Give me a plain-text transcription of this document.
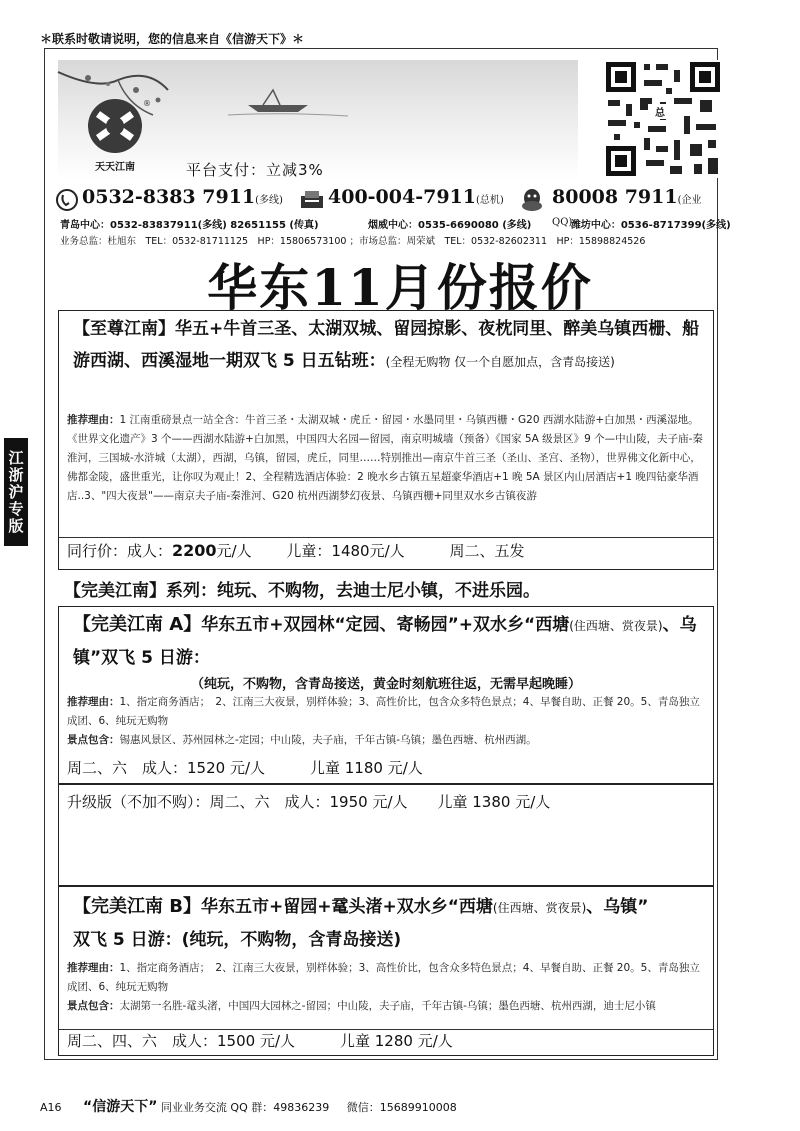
＊联系时敬请说明，您的信息来自《信游天下》＊
江浙沪专版
®
天天江南	平台支付：立减3%
总
0532-8383 7911(多线) 400-004-7911(总机)	80008 7911(企业QQ)
青岛中心：0532-83837911(多线) 82651155 (传真)	烟威中心：0535-6690080 (多线)	潍坊中心：0536-8717399(多线)
业务总监：杜旭东　TEL：0532-81711125　HP：15806573100 ；市场总监：周荣斌　TEL：0532-82602311　HP：15898824526
华东11月份报价
【至尊江南】华五+牛首三圣、太湖双城、留园掠影、夜枕同里、醉美乌镇西栅、船游西湖、西溪湿地一期双飞 5 日五钻班：(全程无购物 仅一个自愿加点，含青岛接送)
推荐理由：1 江南重磅景点一站全含：牛首三圣・太湖双城・虎丘・留园・水墨同里・乌镇西栅・G20 西湖水陆游+白加黑・西溪湿地。《世界文化遗产》3 个——西湖水陆游+白加黑，中国四大名园—留园，南京明城墙（预备）《国家 5A 级景区》9 个—中山陵，夫子庙-秦淮河，三国城-水浒城（太湖），西湖，乌镇，留园，虎丘，同里……特别推出—南京牛首三圣（圣山、圣宫、圣物），世界佛文化新中心，佛都金陵，盛世重光，让你叹为观止！2、全程精选酒店体验：2 晚水乡古镇五星超豪华酒店+1 晚 5A 景区内山居酒店+1 晚四钻豪华酒店..3、"四大夜景"——南京夫子庙-秦淮河、G20 杭州西湖梦幻夜景、乌镇西栅+同里双水乡古镇夜游
同行价：成人：2200元/人 儿童：1480元/人	周二、五发
【完美江南】系列：纯玩、不购物，去迪士尼小镇，不进乐园。
【完美江南 A】华东五市+双园林“定园、寄畅园”+双水乡“西塘(住西塘、赏夜景)、乌镇”双飞 5 日游：
（纯玩，不购物，含青岛接送，黄金时刻航班往返，无需早起晚睡）
推荐理由：1、指定商务酒店；　2、江南三大夜景，别样体验；3、高性价比，包含众多特色景点；4、早餐自助、正餐 20。5、青岛独立成团、6、纯玩无购物
景点包含：锡惠风景区、苏州园林之-定园；中山陵，夫子庙，千年古镇-乌镇；墨色西塘、杭州西湖。
周二、六　成人：1520 元/人　　　儿童 1180 元/人
升级版（不加不购）：周二、六　成人：1950 元/人　　儿童 1380 元/人
【完美江南 B】华东五市+留园+鼋头渚+双水乡“西塘(住西塘、赏夜景)、乌镇”
双飞 5 日游：(纯玩，不购物，含青岛接送)
推荐理由：1、指定商务酒店；　2、江南三大夜景，别样体验；3、高性价比，包含众多特色景点；4、早餐自助、正餐 20。5、青岛独立成团、6、纯玩无购物
景点包含：太湖第一名胜-鼋头渚，中国四大园林之-留园；中山陵，夫子庙，千年古镇-乌镇；墨色西塘、杭州西湖，迪士尼小镇
周二、四、六　成人：1500 元/人　　　儿童 1280 元/人
A16 “信游天下” 同业业务交流 QQ 群：49836239 微信：15689910008
